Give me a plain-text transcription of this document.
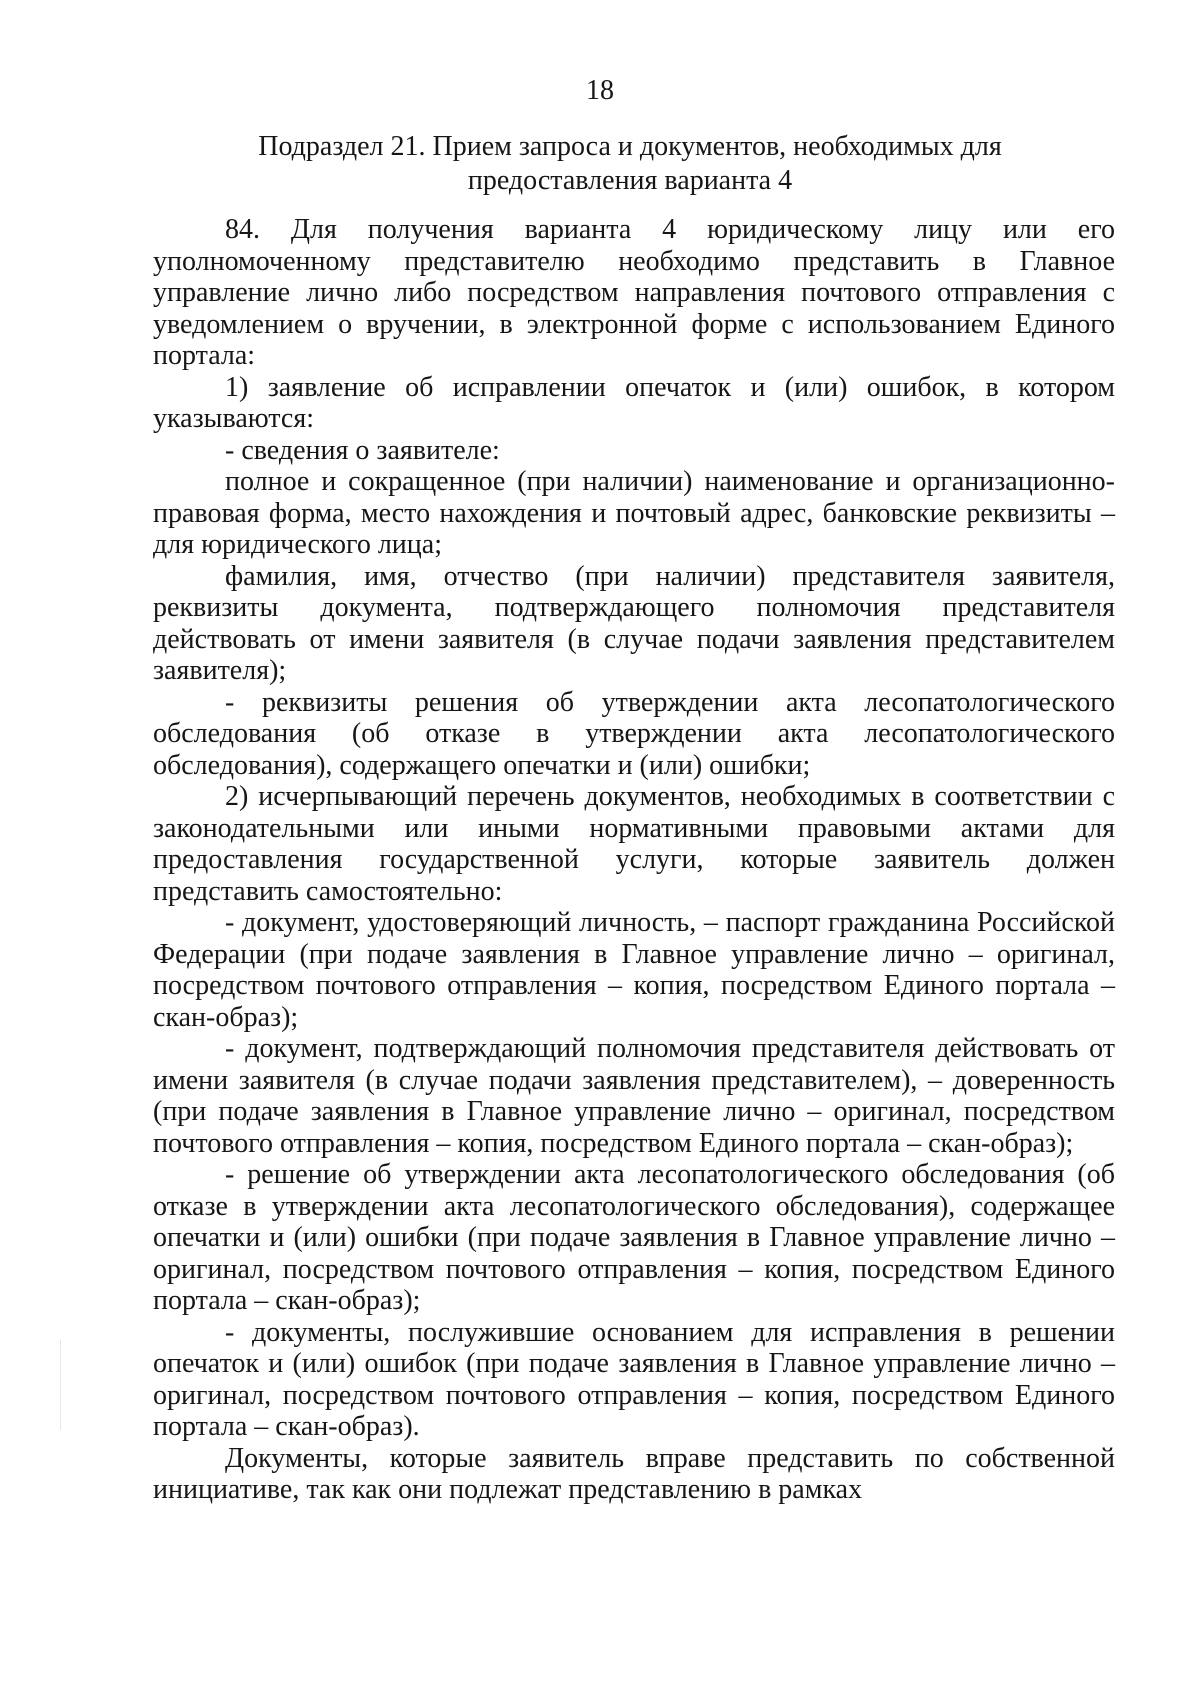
18
Подраздел 21. Прием запроса и документов, необходимых для
предоставления варианта 4

84. Для получения варианта 4 юридическому лицу или его уполномоченному представителю необходимо представить в Главное управление лично либо посредством направления почтового отправления с уведомлением о вручении, в электронной форме с использованием Единого портала:

1) заявление об исправлении опечаток и (или) ошибок, в котором указываются:

- сведения о заявителе:

полное и сокращенное (при наличии) наименование и организационно-правовая форма, место нахождения и почтовый адрес, банковские реквизиты – для юридического лица;

фамилия, имя, отчество (при наличии) представителя заявителя, реквизиты документа, подтверждающего полномочия представителя действовать от имени заявителя (в случае подачи заявления представителем заявителя);

- реквизиты решения об утверждении акта лесопатологического обследования (об отказе в утверждении акта лесопатологического обследования), содержащего опечатки и (или) ошибки;

2) исчерпывающий перечень документов, необходимых в соответствии с законодательными или иными нормативными правовыми актами для предоставления государственной услуги, которые заявитель должен представить самостоятельно:

- документ, удостоверяющий личность, – паспорт гражданина Российской Федерации (при подаче заявления в Главное управление лично – оригинал, посредством почтового отправления – копия, посредством Единого портала – скан-образ);

- документ, подтверждающий полномочия представителя действовать от имени заявителя (в случае подачи заявления представителем), – доверенность (при подаче заявления в Главное управление лично – оригинал, посредством почтового отправления – копия, посредством Единого портала – скан-образ);

- решение об утверждении акта лесопатологического обследования (об отказе в утверждении акта лесопатологического обследования), содержащее опечатки и (или) ошибки (при подаче заявления в Главное управление лично – оригинал, посредством почтового отправления – копия, посредством Единого портала – скан-образ);

- документы, послужившие основанием для исправления в решении опечаток и (или) ошибок (при подаче заявления в Главное управление лично – оригинал, посредством почтового отправления – копия, посредством Единого портала – скан-образ).

Документы, которые заявитель вправе представить по собственной инициативе, так как они подлежат представлению в рамках
